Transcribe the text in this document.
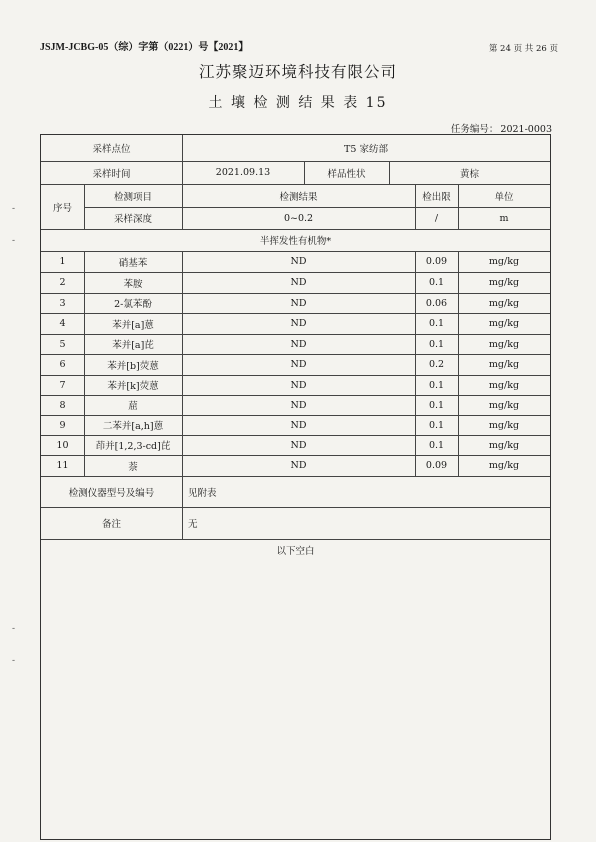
JSJM-JCBG-05（综）字第（0221）号【2021】	第 24 页 共 26 页
江苏聚迈环境科技有限公司
土 壤 检 测 结 果 表 15
任务编号： 2021-0003
-
-
-
-
采样点位	T5 家纺部
采样时间	2021.09.13	样品性状	黄棕
序号
检测项目	检测结果	检出限	单位
采样深度	0~0.2	/	m
半挥发性有机物*
1	硝基苯	ND	0.09	mg/kg
2	苯胺	ND	0.1	mg/kg
3	2-氯苯酚	ND	0.06	mg/kg
4	苯并[a]蒽	ND	0.1	mg/kg
5	苯并[a]芘	ND	0.1	mg/kg
6	苯并[b]荧蒽	ND	0.2	mg/kg
7	苯并[k]荧蒽	ND	0.1	mg/kg
8	䓛	ND	0.1	mg/kg
9	二苯并[a,h]蒽	ND	0.1	mg/kg
10	茚并[1,2,3-cd]芘	ND	0.1	mg/kg
11	萘	ND	0.09	mg/kg
检测仪器型号及编号	见附表
备注	无
以下空白
